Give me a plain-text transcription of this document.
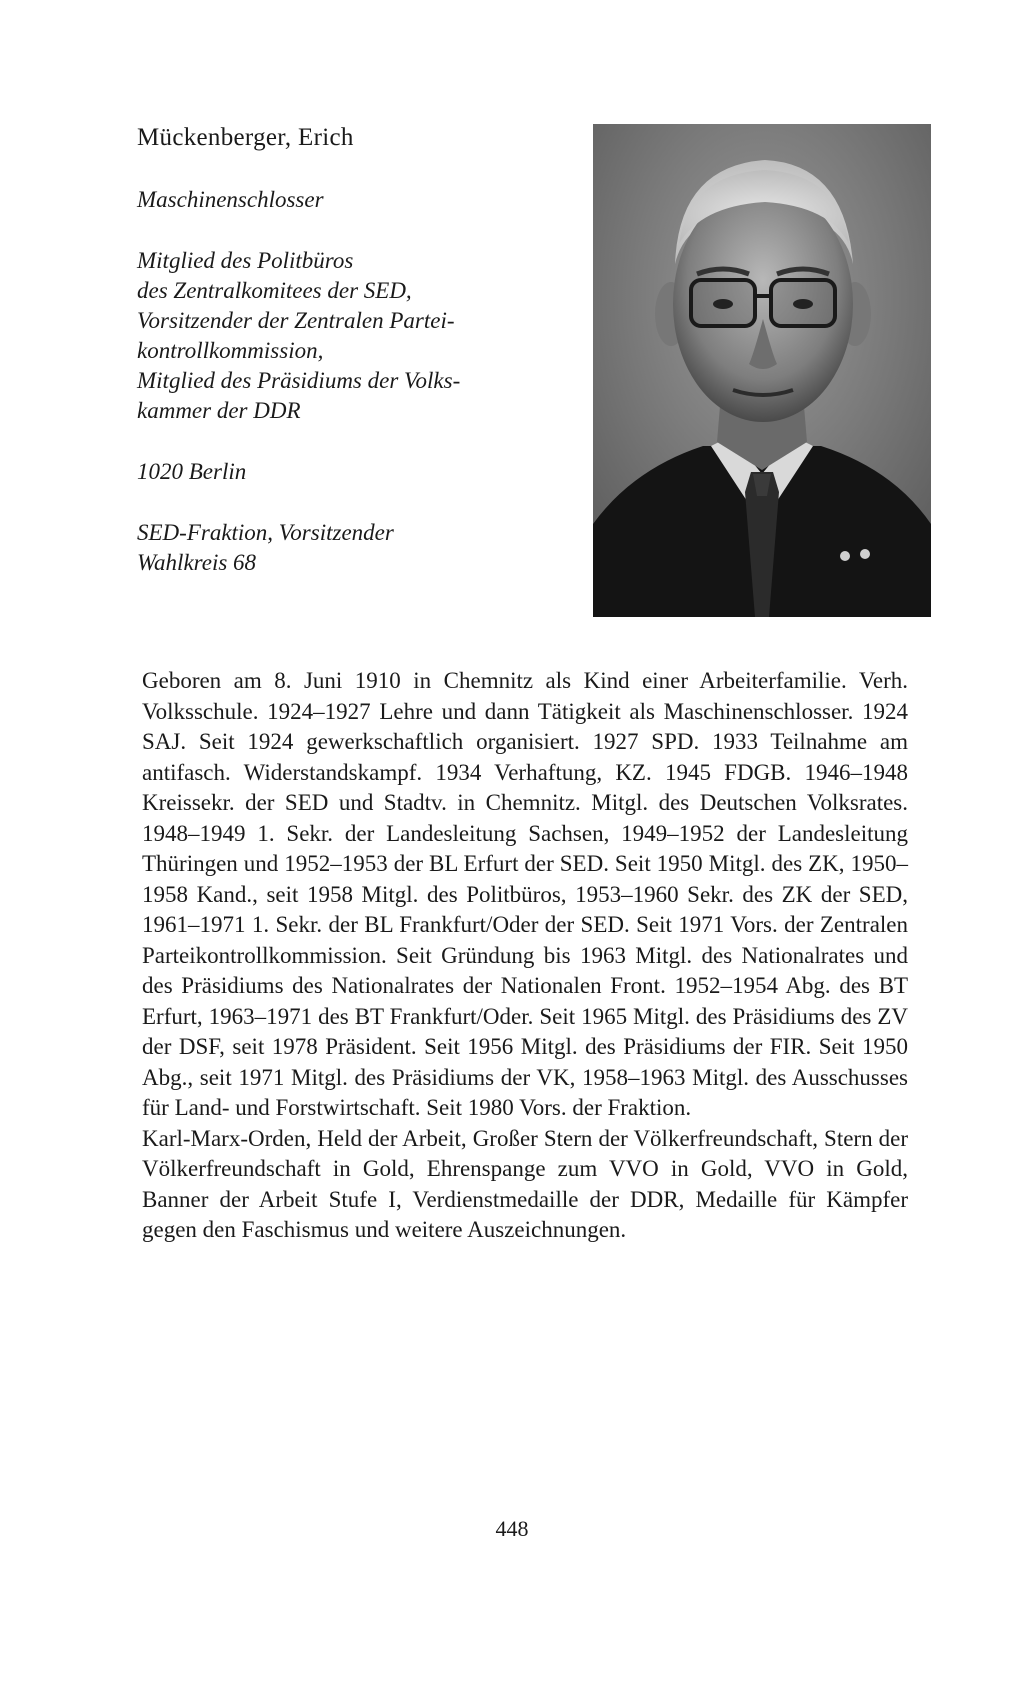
Mückenberger, Erich

Maschinenschlosser

Mitglied des Politbüros

des Zentralkomitees der SED,

Vorsitzender der Zentralen Partei-

kontrollkommission,

Mitglied des Präsidiums der Volks-

kammer der DDR

1020 Berlin

SED-Fraktion, Vorsitzender

Wahlkreis 68

Geboren am 8. Juni 1910 in Chemnitz als Kind einer Arbeiterfamilie. Verh. Volksschule. 1924–1927 Lehre und dann Tätigkeit als Maschinenschlosser. 1924 SAJ. Seit 1924 gewerkschaftlich organisiert. 1927 SPD. 1933 Teilnahme am antifasch. Widerstandskampf. 1934 Verhaftung, KZ. 1945 FDGB. 1946–1948 Kreissekr. der SED und Stadtv. in Chemnitz. Mitgl. des Deutschen Volksrates. 1948–1949 1. Sekr. der Landesleitung Sachsen, 1949–1952 der Landesleitung Thüringen und 1952–1953 der BL Erfurt der SED. Seit 1950 Mitgl. des ZK, 1950–1958 Kand., seit 1958 Mitgl. des Politbüros, 1953–1960 Sekr. des ZK der SED, 1961–1971 1. Sekr. der BL Frankfurt/Oder der SED. Seit 1971 Vors. der Zentralen Parteikontrollkommission. Seit Gründung bis 1963 Mitgl. des Nationalrates und des Präsidiums des Nationalrates der Nationalen Front. 1952–1954 Abg. des BT Erfurt, 1963–1971 des BT Frankfurt/Oder. Seit 1965 Mitgl. des Präsidiums des ZV der DSF, seit 1978 Präsident. Seit 1956 Mitgl. des Präsidiums der FIR. Seit 1950 Abg., seit 1971 Mitgl. des Präsidiums der VK, 1958–1963 Mitgl. des Ausschusses für Land- und Forstwirtschaft. Seit 1980 Vors. der Fraktion.

Karl-Marx-Orden, Held der Arbeit, Großer Stern der Völkerfreundschaft, Stern der Völkerfreundschaft in Gold, Ehrenspange zum VVO in Gold, VVO in Gold, Banner der Arbeit Stufe I, Verdienstmedaille der DDR, Medaille für Kämpfer gegen den Faschismus und weitere Auszeichnungen.

448
